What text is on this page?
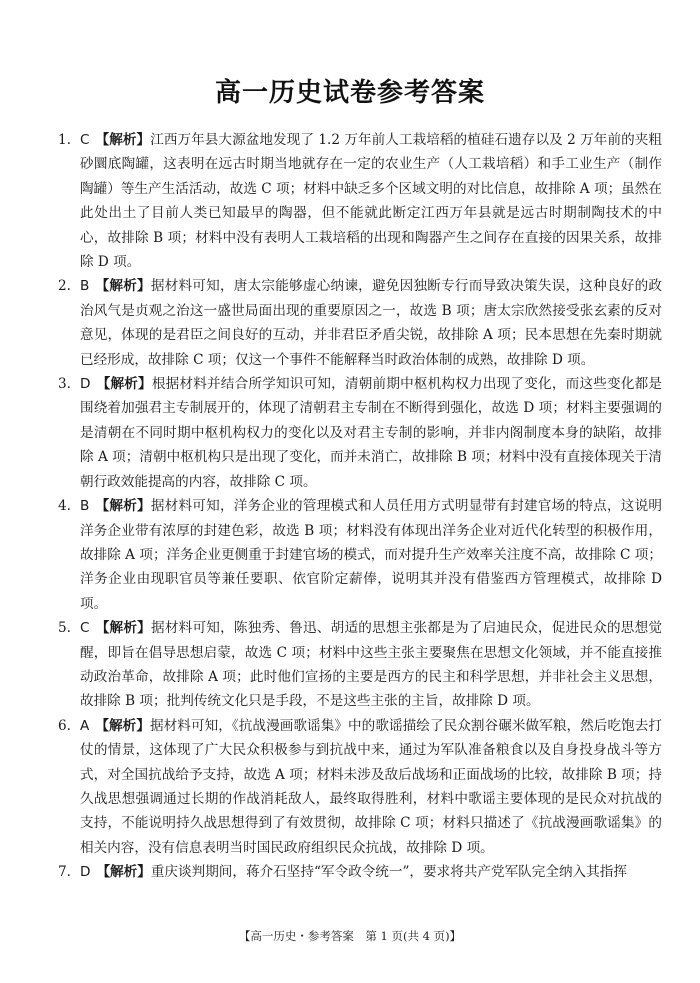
高一历史试卷参考答案
1. C 【解析】江西万年县大源盆地发现了 1.2 万年前人工栽培稻的植硅石遗存以及 2 万年前的夹粗砂圜底陶罐，这表明在远古时期当地就存在一定的农业生产（人工栽培稻）和手工业生产（制作陶罐）等生产生活活动，故选 C 项；材料中缺乏多个区域文明的对比信息，故排除 A 项；虽然在此处出土了目前人类已知最早的陶器，但不能就此断定江西万年县就是远古时期制陶技术的中心，故排除 B 项；材料中没有表明人工栽培稻的出现和陶器产生之间存在直接的因果关系，故排除 D 项。
2. B 【解析】据材料可知，唐太宗能够虚心纳谏，避免因独断专行而导致决策失误，这种良好的政治风气是贞观之治这一盛世局面出现的重要原因之一，故选 B 项；唐太宗欣然接受张玄素的反对意见，体现的是君臣之间良好的互动，并非君臣矛盾尖锐，故排除 A 项；民本思想在先秦时期就已经形成，故排除 C 项；仅这一个事件不能解释当时政治体制的成熟，故排除 D 项。
3. D 【解析】根据材料并结合所学知识可知，清朝前期中枢机构权力出现了变化，而这些变化都是围绕着加强君主专制展开的，体现了清朝君主专制在不断得到强化，故选 D 项；材料主要强调的是清朝在不同时期中枢机构权力的变化以及对君主专制的影响，并非内阁制度本身的缺陷，故排除 A 项；清朝中枢机构只是出现了变化，而并未消亡，故排除 B 项；材料中没有直接体现关于清朝行政效能提高的内容，故排除 C 项。
4. B 【解析】据材料可知，洋务企业的管理模式和人员任用方式明显带有封建官场的特点，这说明洋务企业带有浓厚的封建色彩，故选 B 项；材料没有体现出洋务企业对近代化转型的积极作用，故排除 A 项；洋务企业更侧重于封建官场的模式，而对提升生产效率关注度不高，故排除 C 项；洋务企业由现职官员等兼任要职、依官阶定薪俸，说明其并没有借鉴西方管理模式，故排除 D 项。
5. C 【解析】据材料可知，陈独秀、鲁迅、胡适的思想主张都是为了启迪民众，促进民众的思想觉醒，即旨在倡导思想启蒙，故选 C 项；材料中这些主张主要聚焦在思想文化领域，并不能直接推动政治革命，故排除 A 项；此时他们宣扬的主要是西方的民主和科学思想，并非社会主义思想，故排除 B 项；批判传统文化只是手段，不是这些主张的主旨，故排除 D 项。
6. A 【解析】据材料可知，《抗战漫画歌谣集》中的歌谣描绘了民众割谷碾米做军粮，然后吃饱去打仗的情景，这体现了广大民众积极参与到抗战中来，通过为军队准备粮食以及自身投身战斗等方式，对全国抗战给予支持，故选 A 项；材料未涉及敌后战场和正面战场的比较，故排除 B 项；持久战思想强调通过长期的作战消耗敌人，最终取得胜利，材料中歌谣主要体现的是民众对抗战的支持，不能说明持久战思想得到了有效贯彻，故排除 C 项；材料只描述了《抗战漫画歌谣集》的相关内容，没有信息表明当时国民政府组织民众抗战，故排除 D 项。
7. D 【解析】重庆谈判期间，蒋介石坚持“军令政令统一”，要求将共产党军队完全纳入其指挥
【高一历史・参考答案　第 1 页(共 4 页)】
